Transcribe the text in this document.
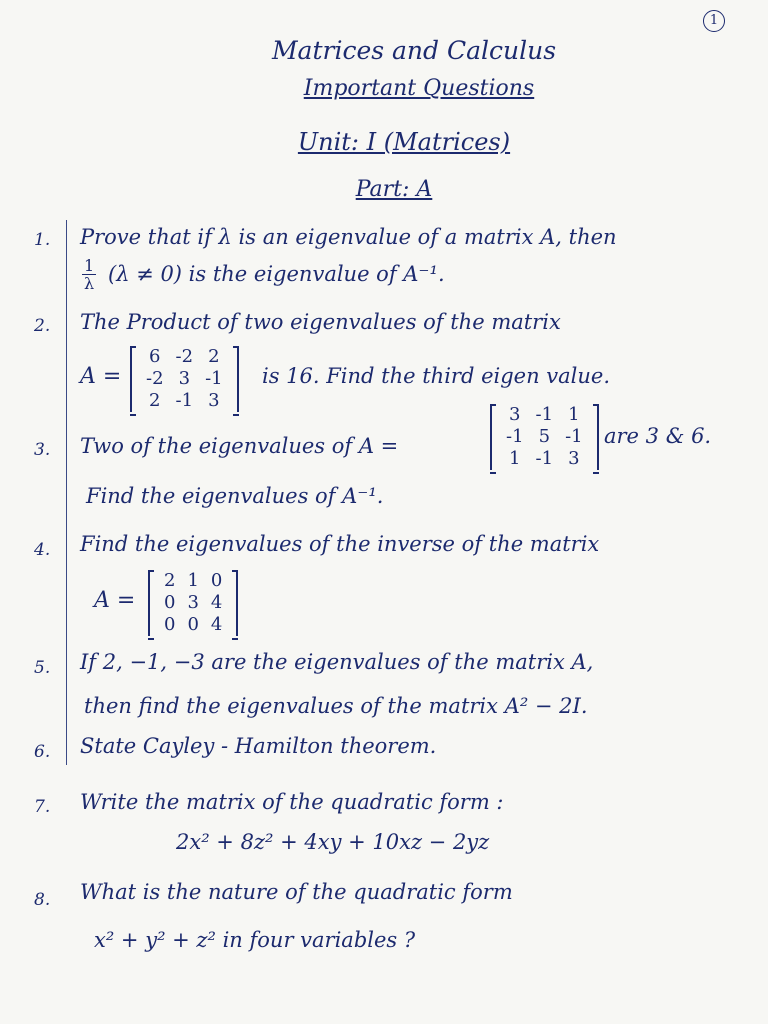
1
Matrices and Calculus
Important Questions
Unit: I (Matrices)
Part: A
1. Prove that if λ is an eigenvalue of a matrix A, then
$\frac{1}{\lambda} (\lambda \ne 0)$ is the eigenvalue of A⁻¹.
2. The Product of two eigenvalues of the matrix
A =
6	-2	2
-2	3	-1
2	-1	3
is 16. Find the third eigen value.
3. Two of the eigenvalues of A =
3	-1	1
-1	5	-1
1	-1	3
are 3 & 6.
Find the eigenvalues of A⁻¹.
4. Find the eigenvalues of the inverse of the matrix
A =
2	1	0
0	3	4
0	0	4
5. If 2, −1, −3 are the eigenvalues of the matrix A,
then find the eigenvalues of the matrix A² − 2I.
6. State Cayley - Hamilton theorem.
7. Write the matrix of the quadratic form :
2x² + 8z² + 4xy + 10xz − 2yz
8. What is the nature of the quadratic form
x² + y² + z² in four variables ?
